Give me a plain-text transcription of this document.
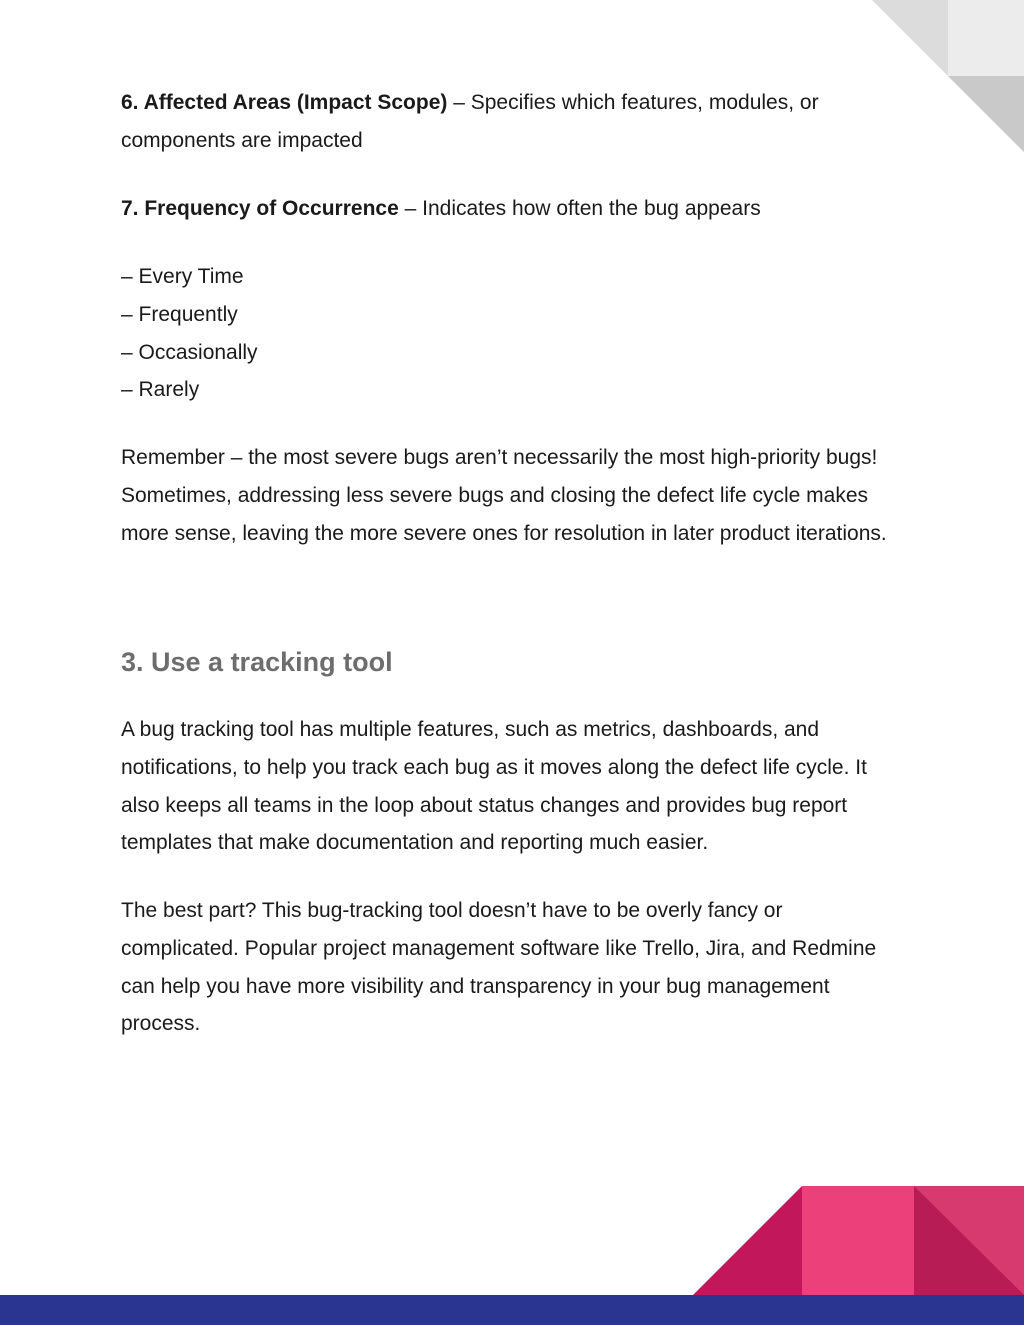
6. Affected Areas (Impact Scope) – Specifies which features, modules, or components are impacted

7. Frequency of Occurrence – Indicates how often the bug appears

– Every Time
– Frequently
– Occasionally
– Rarely

Remember – the most severe bugs aren’t necessarily the most high-priority bugs! Sometimes, addressing less severe bugs and closing the defect life cycle makes more sense, leaving the more severe ones for resolution in later product iterations.

3. Use a tracking tool

A bug tracking tool has multiple features, such as metrics, dashboards, and notifications, to help you track each bug as it moves along the defect life cycle. It also keeps all teams in the loop about status changes and provides bug report templates that make documentation and reporting much easier.

The best part? This bug-tracking tool doesn’t have to be overly fancy or complicated. Popular project management software like Trello, Jira, and Redmine can help you have more visibility and transparency in your bug management process.
